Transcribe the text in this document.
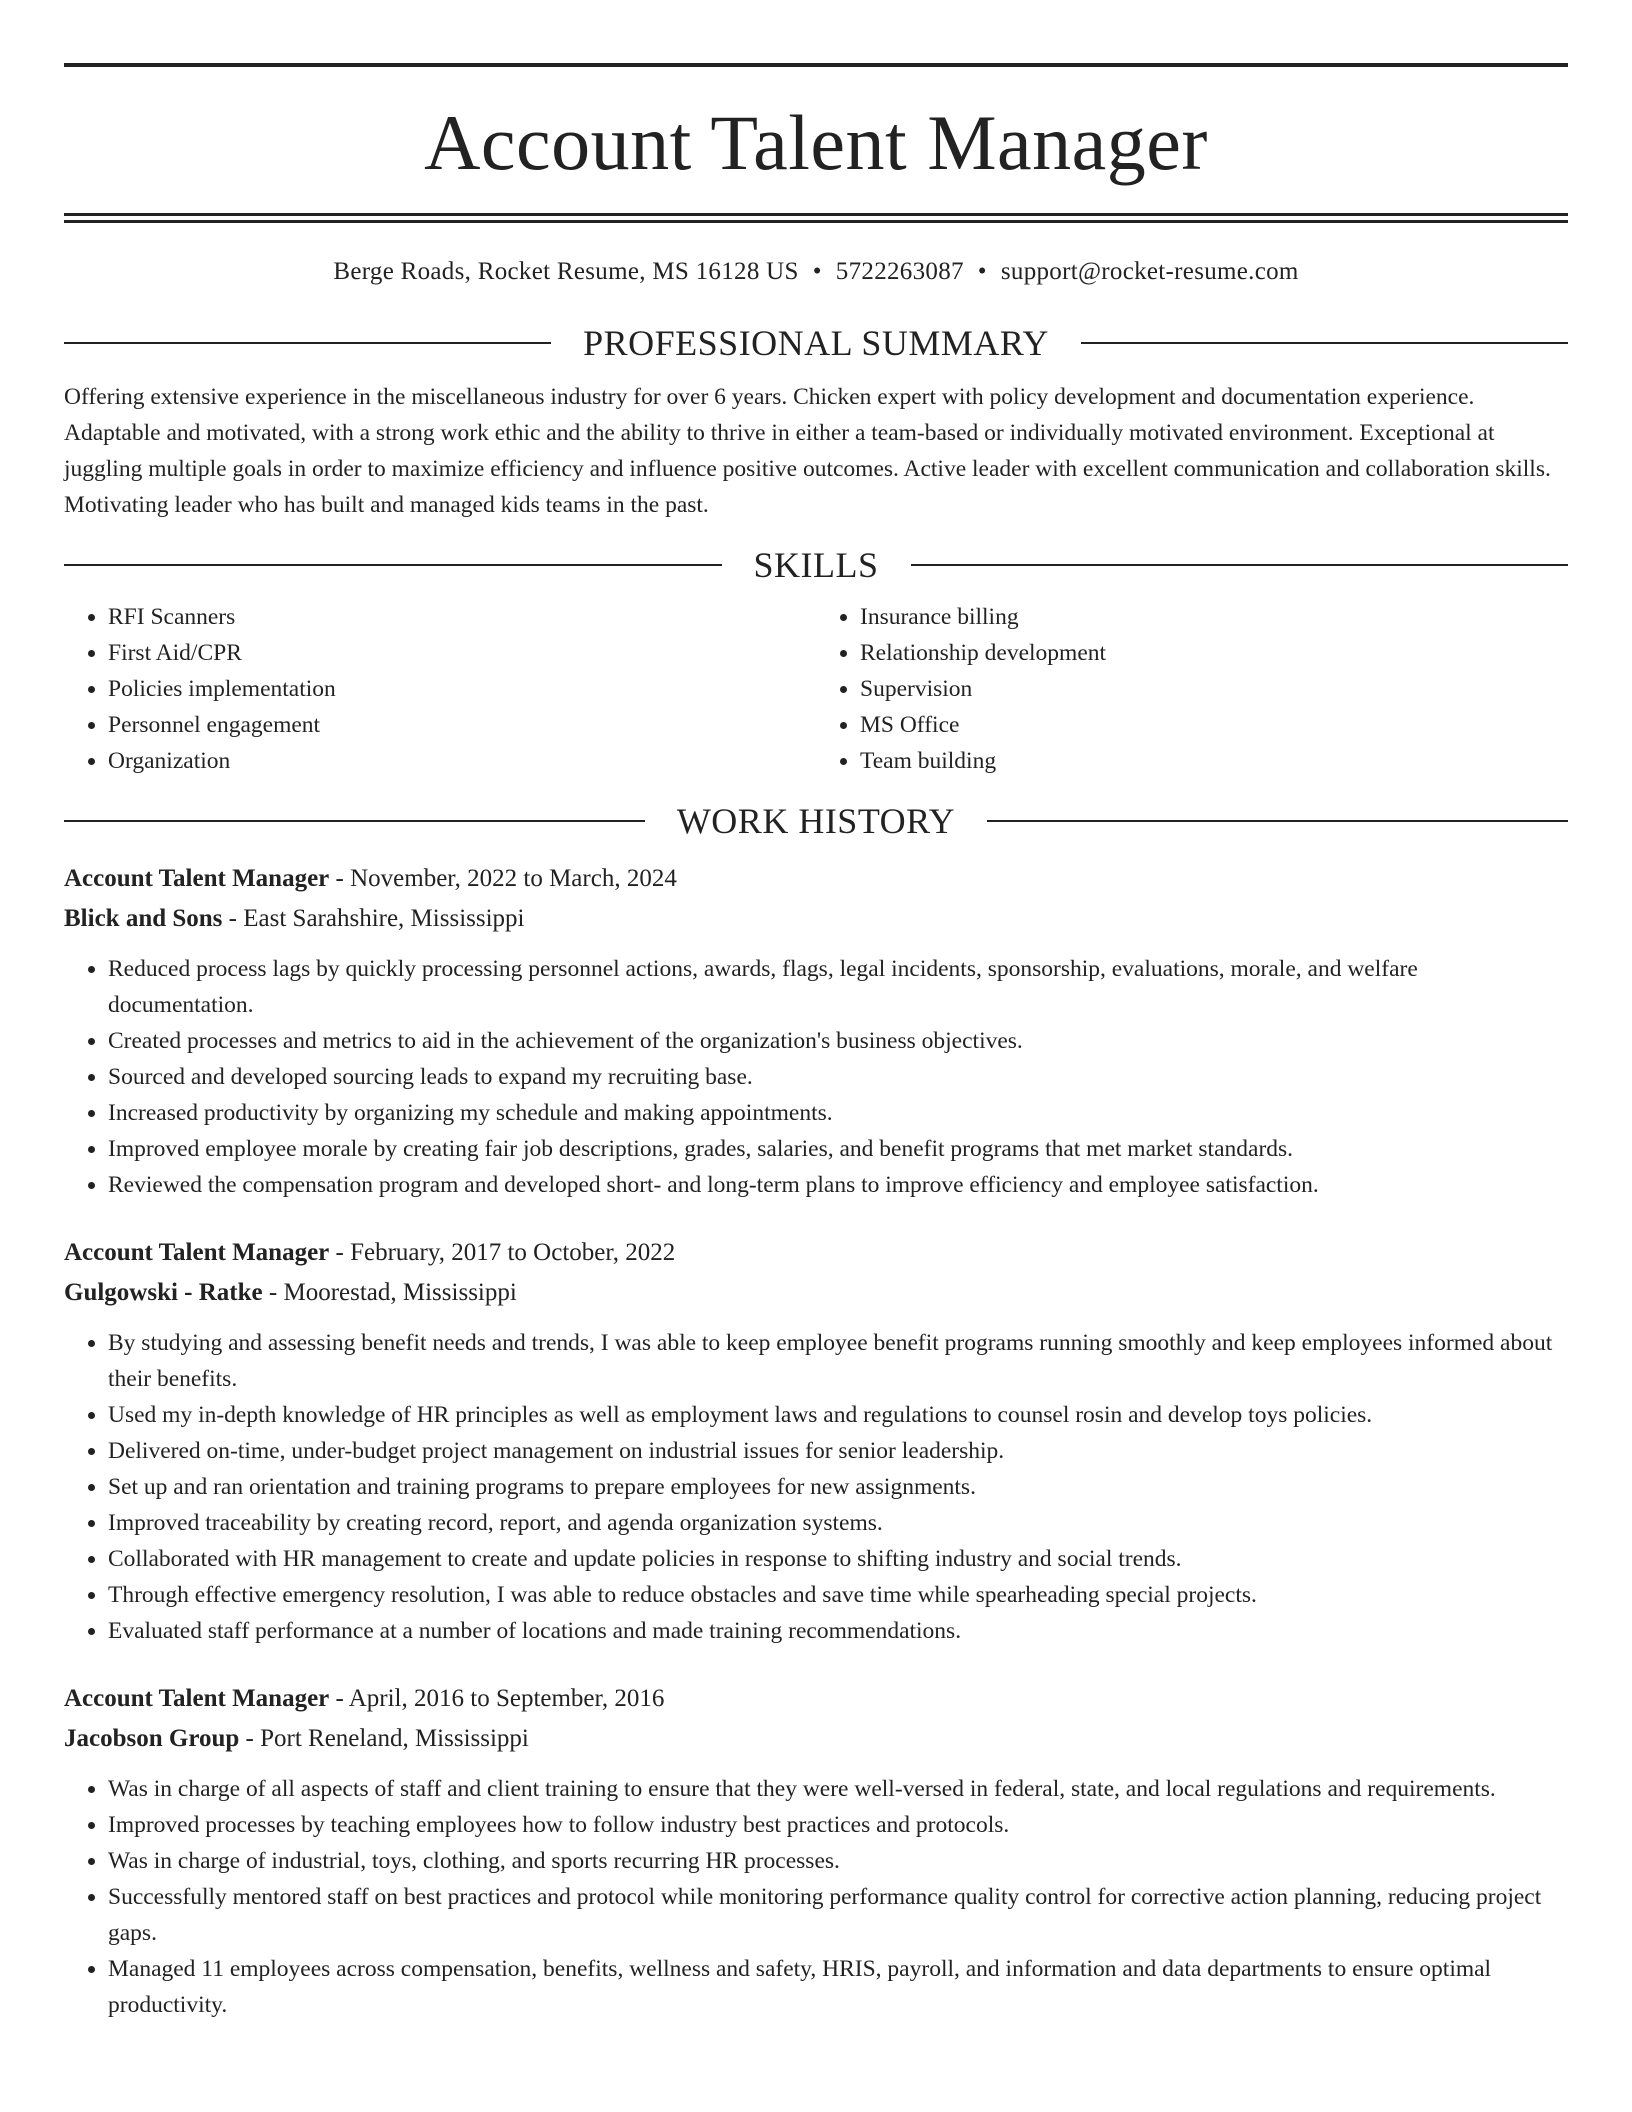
Account Talent Manager
Berge Roads, Rocket Resume, MS 16128 US • 5722263087 • support@rocket-resume.com
PROFESSIONAL SUMMARY
Offering extensive experience in the miscellaneous industry for over 6 years. Chicken expert with policy development and documentation experience. Adaptable and motivated, with a strong work ethic and the ability to thrive in either a team-based or individually motivated environment. Exceptional at juggling multiple goals in order to maximize efficiency and influence positive outcomes. Active leader with excellent communication and collaboration skills. Motivating leader who has built and managed kids teams in the past.
SKILLS
• RFI Scanners
• First Aid/CPR
• Policies implementation
• Personnel engagement
• Organization
• Insurance billing
• Relationship development
• Supervision
• MS Office
• Team building
WORK HISTORY
Account Talent Manager - November, 2022 to March, 2024
Blick and Sons - East Sarahshire, Mississippi
• Reduced process lags by quickly processing personnel actions, awards, flags, legal incidents, sponsorship, evaluations, morale, and welfare documentation.
• Created processes and metrics to aid in the achievement of the organization's business objectives.
• Sourced and developed sourcing leads to expand my recruiting base.
• Increased productivity by organizing my schedule and making appointments.
• Improved employee morale by creating fair job descriptions, grades, salaries, and benefit programs that met market standards.
• Reviewed the compensation program and developed short- and long-term plans to improve efficiency and employee satisfaction.
Account Talent Manager - February, 2017 to October, 2022
Gulgowski - Ratke - Moorestad, Mississippi
• By studying and assessing benefit needs and trends, I was able to keep employee benefit programs running smoothly and keep employees informed about their benefits.
• Used my in-depth knowledge of HR principles as well as employment laws and regulations to counsel rosin and develop toys policies.
• Delivered on-time, under-budget project management on industrial issues for senior leadership.
• Set up and ran orientation and training programs to prepare employees for new assignments.
• Improved traceability by creating record, report, and agenda organization systems.
• Collaborated with HR management to create and update policies in response to shifting industry and social trends.
• Through effective emergency resolution, I was able to reduce obstacles and save time while spearheading special projects.
• Evaluated staff performance at a number of locations and made training recommendations.
Account Talent Manager - April, 2016 to September, 2016
Jacobson Group - Port Reneland, Mississippi
• Was in charge of all aspects of staff and client training to ensure that they were well-versed in federal, state, and local regulations and requirements.
• Improved processes by teaching employees how to follow industry best practices and protocols.
• Was in charge of industrial, toys, clothing, and sports recurring HR processes.
• Successfully mentored staff on best practices and protocol while monitoring performance quality control for corrective action planning, reducing project gaps.
• Managed 11 employees across compensation, benefits, wellness and safety, HRIS, payroll, and information and data departments to ensure optimal productivity.
